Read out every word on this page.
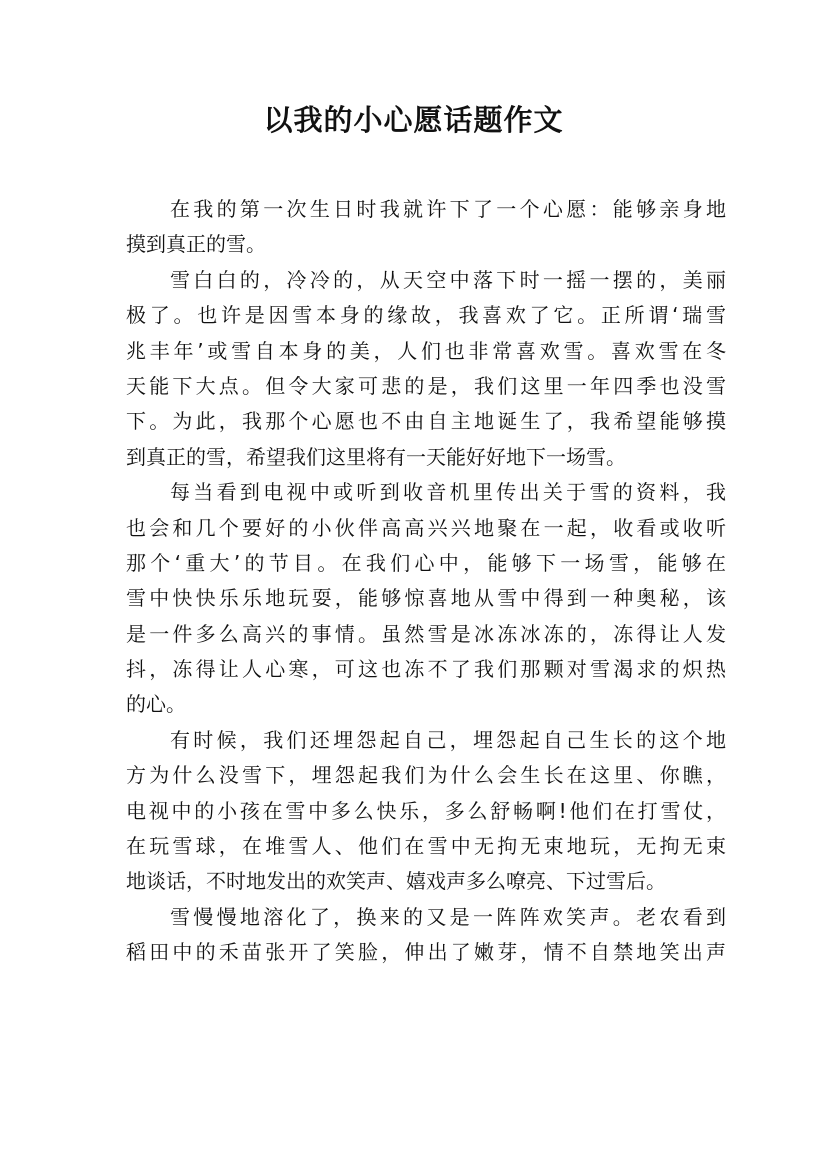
以我的小心愿话题作文
在我的第一次生日时我就许下了一个心愿：能够亲身地
摸到真正的雪。
雪白白的，冷冷的，从天空中落下时一摇一摆的，美丽
极了。也许是因雪本身的缘故，我喜欢了它。正所谓‘瑞雪
兆丰年’或雪自本身的美，人们也非常喜欢雪。喜欢雪在冬
天能下大点。但令大家可悲的是，我们这里一年四季也没雪
下。为此，我那个心愿也不由自主地诞生了，我希望能够摸
到真正的雪，希望我们这里将有一天能好好地下一场雪。
每当看到电视中或听到收音机里传出关于雪的资料，我
也会和几个要好的小伙伴高高兴兴地聚在一起，收看或收听
那个‘重大’的节目。在我们心中，能够下一场雪，能够在
雪中快快乐乐地玩耍，能够惊喜地从雪中得到一种奥秘，该
是一件多么高兴的事情。虽然雪是冰冻冰冻的，冻得让人发
抖，冻得让人心寒，可这也冻不了我们那颗对雪渴求的炽热
的心。
有时候，我们还埋怨起自己，埋怨起自己生长的这个地
方为什么没雪下，埋怨起我们为什么会生长在这里、你瞧，
电视中的小孩在雪中多么快乐，多么舒畅啊!他们在打雪仗，
在玩雪球，在堆雪人、他们在雪中无拘无束地玩，无拘无束
地谈话，不时地发出的欢笑声、嬉戏声多么嘹亮、下过雪后。
雪慢慢地溶化了，换来的又是一阵阵欢笑声。老农看到
稻田中的禾苗张开了笑脸，伸出了嫩芽，情不自禁地笑出声
